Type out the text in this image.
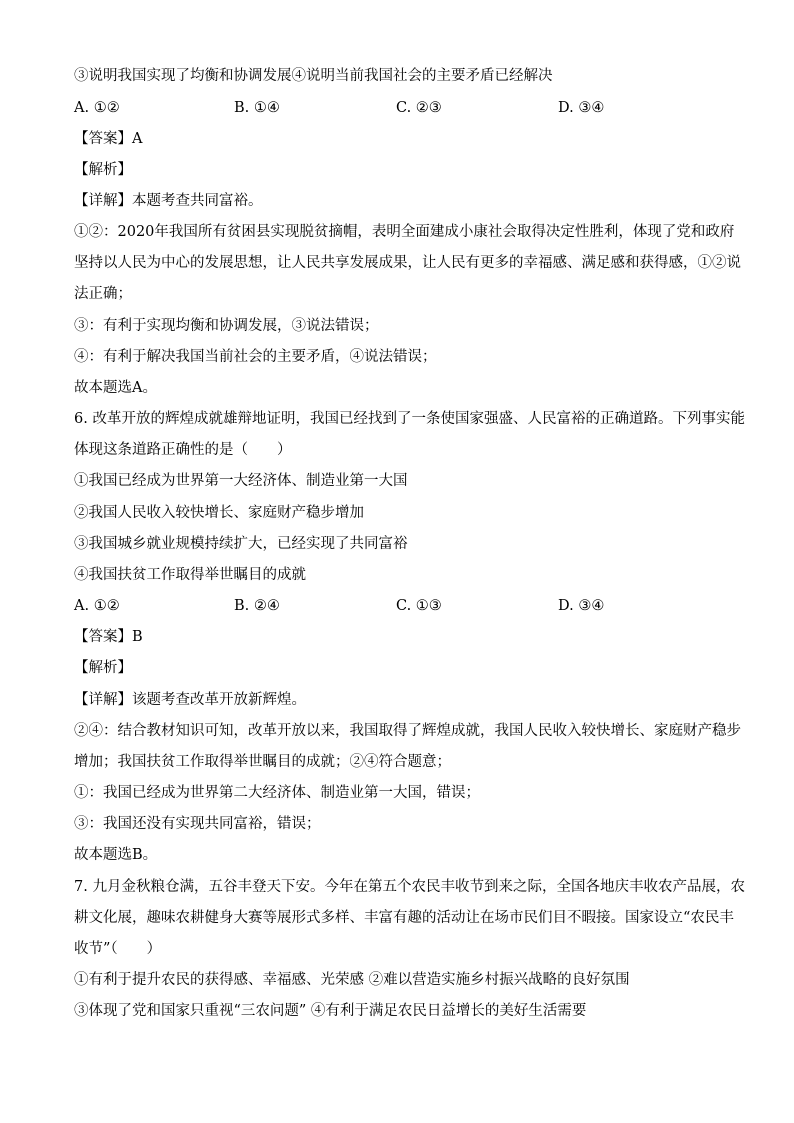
③说明我国实现了均衡和协调发展④说明当前我国社会的主要矛盾已经解决
A. ①②	B. ①④	C. ②③	D. ③④
【答案】A
【解析】
【详解】本题考查共同富裕。
①②：2020年我国所有贫困县实现脱贫摘帽，表明全面建成小康社会取得决定性胜利，体现了党和政府
坚持以人民为中心的发展思想，让人民共享发展成果，让人民有更多的幸福感、满足感和获得感，①②说
法正确；
③：有利于实现均衡和协调发展，③说法错误；
④：有利于解决我国当前社会的主要矛盾，④说法错误；
故本题选A。
6. 改革开放的辉煌成就雄辩地证明，我国已经找到了一条使国家强盛、人民富裕的正确道路。下列事实能
体现这条道路正确性的是（　　）
①我国已经成为世界第一大经济体、制造业第一大国
②我国人民收入较快增长、家庭财产稳步增加
③我国城乡就业规模持续扩大，已经实现了共同富裕
④我国扶贫工作取得举世瞩目的成就
A. ①②	B. ②④	C. ①③	D. ③④
【答案】B
【解析】
【详解】该题考查改革开放新辉煌。
②④：结合教材知识可知，改革开放以来，我国取得了辉煌成就，我国人民收入较快增长、家庭财产稳步
增加；我国扶贫工作取得举世瞩目的成就；②④符合题意；
①：我国已经成为世界第二大经济体、制造业第一大国，错误；
③：我国还没有实现共同富裕，错误；
故本题选B。
7. 九月金秋粮仓满，五谷丰登天下安。今年在第五个农民丰收节到来之际，全国各地庆丰收农产品展，农
耕文化展，趣味农耕健身大赛等展形式多样、丰富有趣的活动让在场市民们目不暇接。国家设立“农民丰
收节”（　　）
①有利于提升农民的获得感、幸福感、光荣感 ②难以营造实施乡村振兴战略的良好氛围
③体现了党和国家只重视“三农问题” ④有利于满足农民日益增长的美好生活需要
